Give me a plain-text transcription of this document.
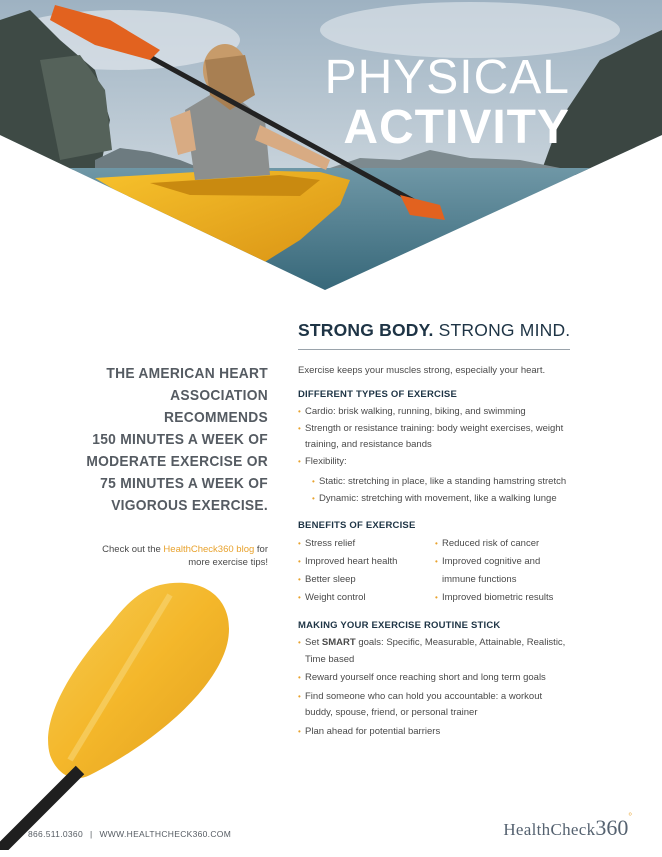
PHYSICAL
ACTIVITY
THE AMERICAN HEART
ASSOCIATION RECOMMENDS
150 MINUTES A WEEK OF
MODERATE EXERCISE OR
75 MINUTES A WEEK OF
VIGOROUS EXERCISE.
Check out the HealthCheck360 blog for
more exercise tips!
STRONG BODY. STRONG MIND.
Exercise keeps your muscles strong, especially your heart.
DIFFERENT TYPES OF EXERCISE
• Cardio: brisk walking, running, biking, and swimming
• Strength or resistance training: body weight exercises, weight training, and resistance bands
• Flexibility:
• Static: stretching in place, like a standing hamstring stretch
• Dynamic: stretching with movement, like a walking lunge
BENEFITS OF EXERCISE
• Stress relief
• Improved heart health
• Better sleep
• Weight control
• Reduced risk of cancer
• Improved cognitive and immune functions
• Improved biometric results
MAKING YOUR EXERCISE ROUTINE STICK
• Set SMART goals: Specific, Measurable, Attainable, Realistic, Time based
• Reward yourself once reaching short and long term goals
• Find someone who can hold you accountable: a workout buddy, spouse, friend, or personal trainer
• Plan ahead for potential barriers
866.511.0360 | WWW.HEALTHCHECK360.COM	HealthCheck360°
